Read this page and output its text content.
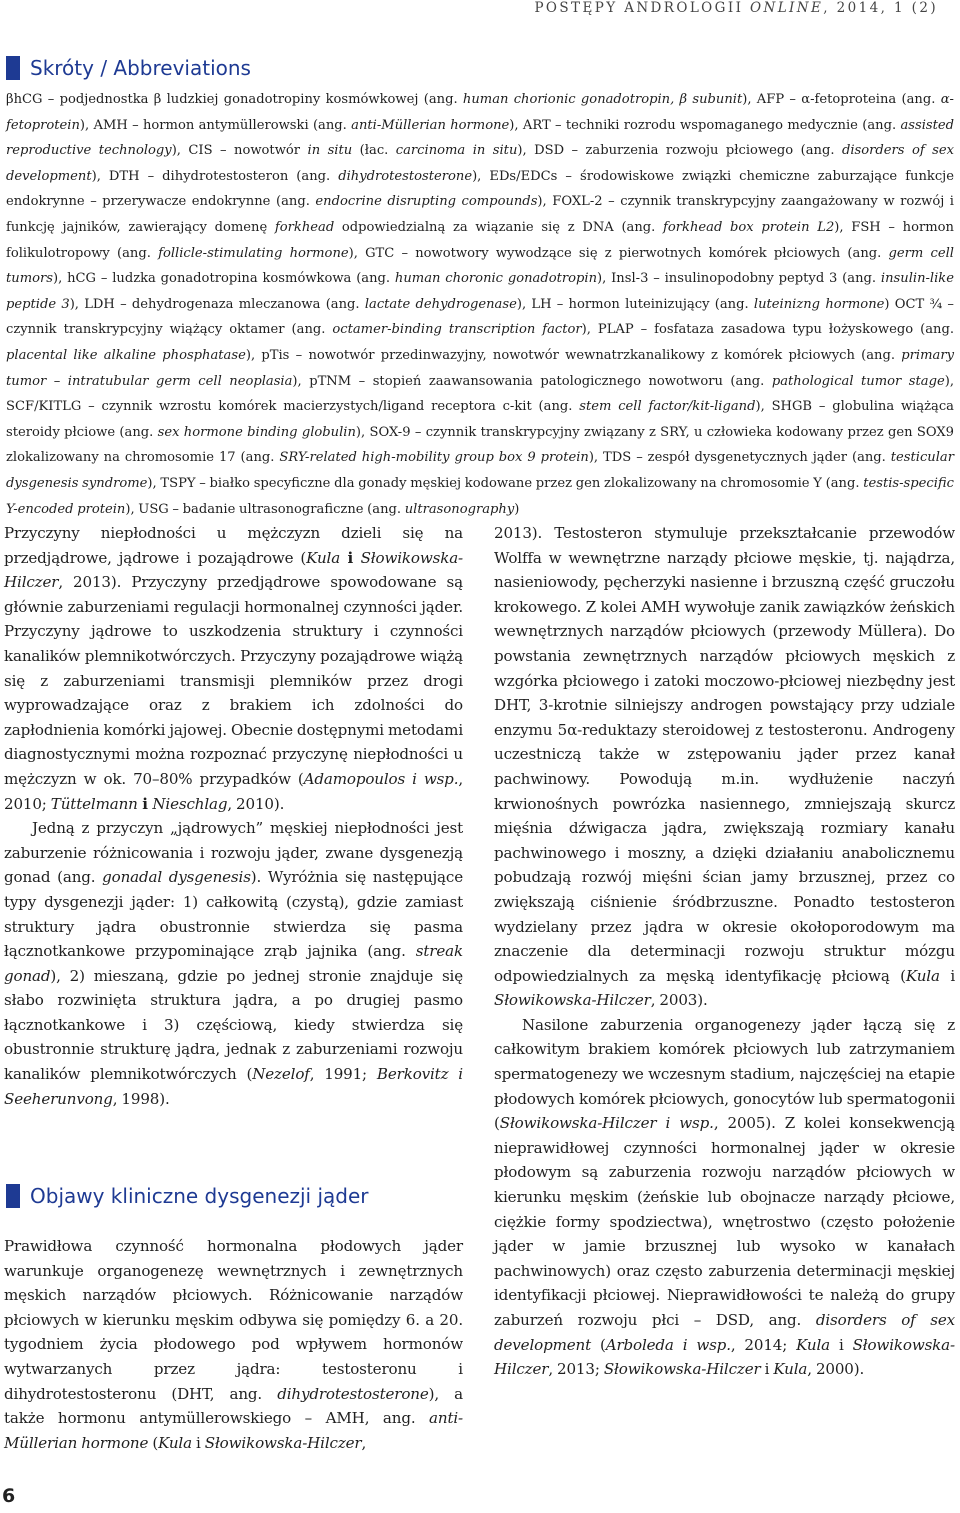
POSTĘPY ANDROLOGII ONLINE, 2014, 1 (2)
Skróty / Abbreviations
βhCG – podjednostka β ludzkiej gonadotropiny kosmówkowej (ang. human chorionic gonadotropin, β subunit), AFP – α-fetoproteina (ang. α-fetoprotein), AMH – hormon antymüllerowski (ang. anti-Müllerian hormone), ART – techniki rozrodu wspomaganego medycznie (ang. assisted reproductive technology), CIS – nowotwór in situ (łac. carcinoma in situ), DSD – zaburzenia rozwoju płciowego (ang. disorders of sex development), DTH – dihydrotestosteron (ang. dihydrotestosterone), EDs/EDCs – środowiskowe związki chemiczne zaburzające funkcje endokrynne – przerywacze endokrynne (ang. endocrine disrupting compounds), FOXL-2 – czynnik transkrypcyjny zaangażowany w rozwój i funkcję jajników, zawierający domenę forkhead odpowiedzialną za wiązanie się z DNA (ang. forkhead box protein L2), FSH – hormon folikulotropowy (ang. follicle-stimulating hormone), GTC – nowotwory wywodzące się z pierwotnych komórek płciowych (ang. germ cell tumors), hCG – ludzka gonadotropina kosmówkowa (ang. human choronic gonadotropin), Insl-3 – insulinopodobny peptyd 3 (ang. insulin-like peptide 3), LDH – dehydrogenaza mleczanowa (ang. lactate dehydrogenase), LH – hormon luteinizujący (ang. luteinizng hormone) OCT ¾ – czynnik transkrypcyjny wiążący oktamer (ang. octamer-binding transcription factor), PLAP – fosfataza zasadowa typu łożyskowego (ang. placental like alkaline phosphatase), pTis – nowotwór przedinwazyjny, nowotwór wewnatrzkanalikowy z komórek płciowych (ang. primary tumor – intratubular germ cell neoplasia), pTNM – stopień zaawansowania patologicznego nowotworu (ang. pathological tumor stage), SCF/KITLG – czynnik wzrostu komórek macierzystych/ligand receptora c-kit (ang. stem cell factor/kit-ligand), SHGB – globulina wiążąca steroidy płciowe (ang. sex hormone binding globulin), SOX-9 – czynnik transkrypcyjny związany z SRY, u człowieka kodowany przez gen SOX9 zlokalizowany na chromosomie 17 (ang. SRY-related high-mobility group box 9 protein), TDS – zespół dysgenetycznych jąder (ang. testicular dysgenesis syndrome), TSPY – białko specyficzne dla gonady męskiej kodowane przez gen zlokalizowany na chromosomie Y (ang. testis-specific Y-encoded protein), USG – badanie ultrasonograficzne (ang. ultrasonography)

Przyczyny niepłodności u mężczyzn dzieli się na przedjądrowe, jądrowe i pozajądrowe (Kula i Słowikowska-Hilczer, 2013). Przyczyny przedjądrowe spowodowane są głównie zaburzeniami regulacji hormonalnej czynności jąder. Przyczyny jądrowe to uszkodzenia struktury i czynności kanalików plemnikotwórczych. Przyczyny pozajądrowe wiążą się z zaburzeniami transmisji plemników przez drogi wyprowadzające oraz z brakiem ich zdolności do zapłodnienia komórki jajowej. Obecnie dostępnymi metodami diagnostycznymi można rozpoznać przyczynę niepłodności u mężczyzn w ok. 70–80% przypadków (Adamopoulos i wsp., 2010; Tüttelmann i Nieschlag, 2010).

Jedną z przyczyn „jądrowych” męskiej niepłodności jest zaburzenie różnicowania i rozwoju jąder, zwane dysgenezją gonad (ang. gonadal dysgenesis). Wyróżnia się następujące typy dysgenezji jąder: 1) całkowitą (czystą), gdzie zamiast struktury jądra obustronnie stwierdza się pasma łącznotkankowe przypominające zrąb jajnika (ang. streak gonad), 2) mieszaną, gdzie po jednej stronie znajduje się słabo rozwinięta struktura jądra, a po drugiej pasmo łącznotkankowe i 3) częściową, kiedy stwierdza się obustronnie strukturę jądra, jednak z zaburzeniami rozwoju kanalików plemnikotwórczych (Nezelof, 1991; Berkovitz i Seeherunvong, 1998).

Objawy kliniczne dysgenezji jąder

Prawidłowa czynność hormonalna płodowych jąder warunkuje organogenezę wewnętrznych i zewnętrznych męskich narządów płciowych. Różnicowanie narządów płciowych w kierunku męskim odbywa się pomiędzy 6. a 20. tygodniem życia płodowego pod wpływem hormonów wytwarzanych przez jądra: testosteronu i dihydrotestosteronu (DHT, ang. dihydrotestosterone), a także hormonu antymüllerowskiego – AMH, ang. anti-Müllerian hormone (Kula i Słowikowska-Hilczer,

2013). Testosteron stymuluje przekształcanie przewodów Wolffa w wewnętrzne narządy płciowe męskie, tj. najądrza, nasieniowody, pęcherzyki nasienne i brzuszną część gruczołu krokowego. Z kolei AMH wywołuje zanik zawiązków żeńskich wewnętrznych narządów płciowych (przewody Müllera). Do powstania zewnętrznych narządów płciowych męskich z wzgórka płciowego i zatoki moczowo-płciowej niezbędny jest DHT, 3-krotnie silniejszy androgen powstający przy udziale enzymu 5α-reduktazy steroidowej z testosteronu. Androgeny uczestniczą także w zstępowaniu jąder przez kanał pachwinowy. Powodują m.in. wydłużenie naczyń krwionośnych powrózka nasiennego, zmniejszają skurcz mięśnia dźwigacza jądra, zwiększają rozmiary kanału pachwinowego i moszny, a dzięki działaniu anabolicznemu pobudzają rozwój mięśni ścian jamy brzusznej, przez co zwiększają ciśnienie śródbrzuszne. Ponadto testosteron wydzielany przez jądra w okresie okołoporodowym ma znaczenie dla determinacji rozwoju struktur mózgu odpowiedzialnych za męską identyfikację płciową (Kula i Słowikowska-Hilczer, 2003).

Nasilone zaburzenia organogenezy jąder łączą się z całkowitym brakiem komórek płciowych lub zatrzymaniem spermatogenezy we wczesnym stadium, najczęściej na etapie płodowych komórek płciowych, gonocytów lub spermatogonii (Słowikowska-Hilczer i wsp., 2005). Z kolei konsekwencją nieprawidłowej czynności hormonalnej jąder w okresie płodowym są zaburzenia rozwoju narządów płciowych w kierunku męskim (żeńskie lub obojnacze narządy płciowe, ciężkie formy spodziectwa), wnętrostwo (często położenie jąder w jamie brzusznej lub wysoko w kanałach pachwinowych) oraz często zaburzenia determinacji męskiej identyfikacji płciowej. Nieprawidłowości te należą do grupy zaburzeń rozwoju płci – DSD, ang. disorders of sex development (Arboleda i wsp., 2014; Kula i Słowikowska-Hilczer, 2013; Słowikowska-Hilczer i Kula, 2000).

6
